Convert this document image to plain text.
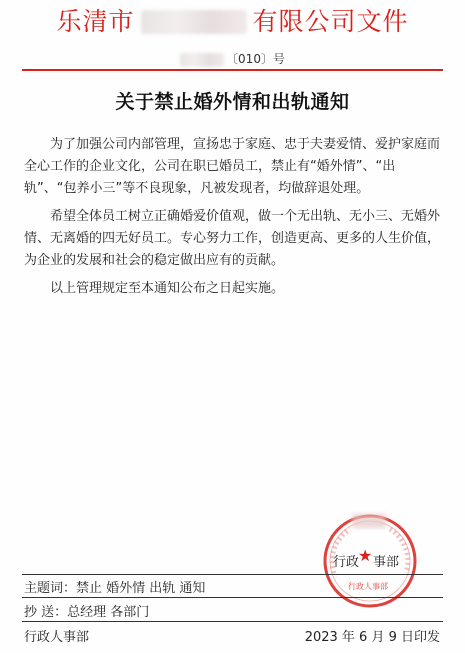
乐清市	有限公司文件
〔010〕号
关于禁止婚外情和出轨通知

为了加强公司内部管理，宣扬忠于家庭、忠于夫妻爱情、爱护家庭而全心工作的企业文化，公司在职已婚员工，禁止有“婚外情”、“出轨”、“包养小三”等不良现象，凡被发现者，均做辞退处理。

希望全体员工树立正确婚爱价值观，做一个无出轨、无小三、无婚外情、无离婚的四无好员工。专心努力工作，创造更高、更多的人生价值，为企业的发展和社会的稳定做出应有的贡献。

以上管理规定至本通知公布之日起实施。

行政人事部
行政 事部
★
主题词：禁止 婚外情 出轨 通知
抄 送：总经理 各部门
行政人事部	2023 年 6 月 9 日印发
